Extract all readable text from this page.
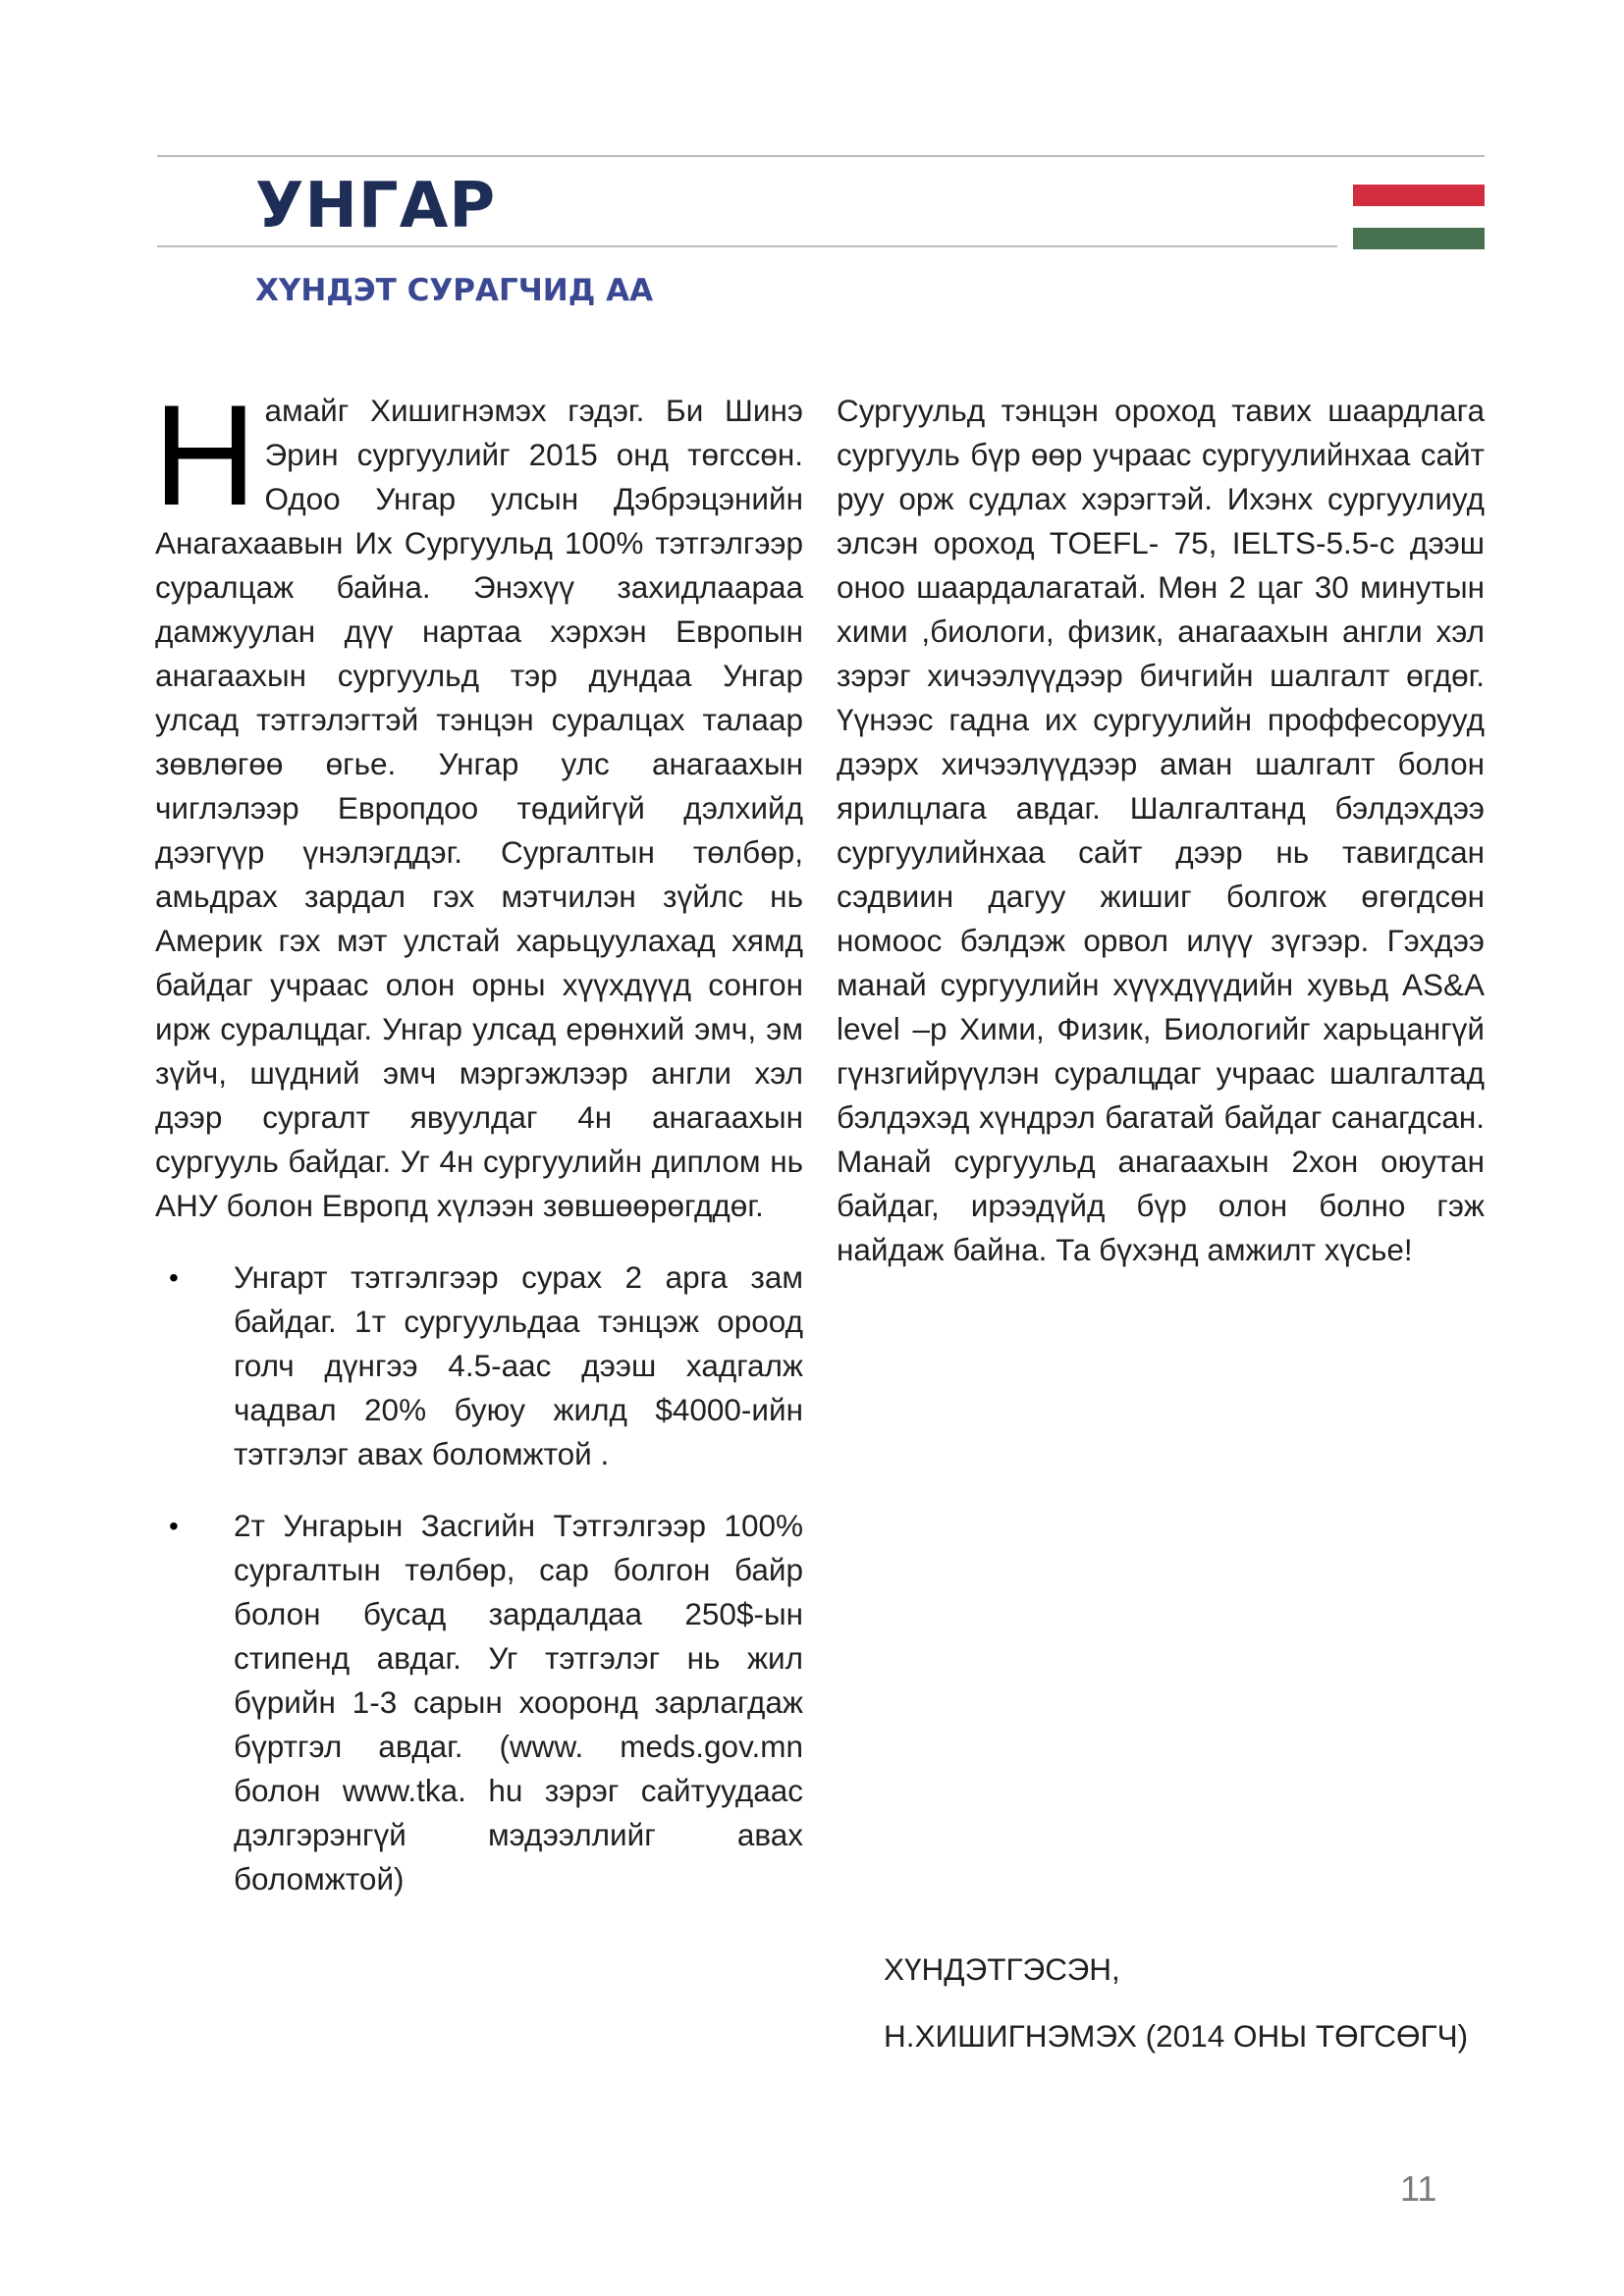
УНГАР
ХҮНДЭТ СУРАГЧИД АА

Намайг Хишигнэмэх гэдэг. Би Шинэ Эрин сургуулийг 2015 онд төгссөн. Одоо Унгар улсын Дэбрэцэнийн Анагахаавын Их Сургуульд 100% тэтгэлгээр суралцаж байна. Энэхүү захидлаараа дамжуулан дүү нартаа хэрхэн Европын анагаахын сургуульд тэр дундаа Унгар улсад тэтгэлэгтэй тэнцэн суралцах талаар зөвлөгөө өгье. Унгар улс анагаахын чиглэлээр Европдоо төдийгүй дэлхийд дээгүүр үнэлэгддэг. Сургалтын төлбөр, амьдрах зардал гэх мэтчилэн зүйлс нь Америк гэх мэт улстай харьцуулахад хямд байдаг учраас олон орны хүүхдүүд сонгон ирж суралцдаг. Унгар улсад ерөнхий эмч, эм зүйч, шүдний эмч мэргэжлээр англи хэл дээр сургалт явуулдаг 4н анагаахын сургууль байдаг. Уг 4н сургуулийн диплом нь АНУ болон Европд хүлээн зөвшөөрөгддөг.

• Унгарт тэтгэлгээр сурах 2 арга зам байдаг. 1т сургуульдаа тэнцэж ороод голч дүнгээ 4.5-аас дээш хадгалж чадвал 20% буюу жилд $4000-ийн тэтгэлэг авах боломжтой .
• 2т Унгарын Засгийн Тэтгэлгээр 100% сургалтын төлбөр, сар болгон байр болон бусад зардалдаа 250$-ын стипенд авдаг. Уг тэтгэлэг нь жил бүрийн 1-3 сарын хооронд зарлагдаж бүртгэл авдаг. (www. meds.gov.mn болон www.tka. hu зэрэг сайтуудаас дэлгэрэнгүй мэдээллийг авах боломжтой)

Сургуульд тэнцэн ороход тавих шаардлага сургууль бүр өөр учраас сургуулийнхаа сайт руу орж судлах хэрэгтэй. Ихэнх сургуулиуд элсэн ороход TOEFL- 75, IELTS-5.5-с дээш оноо шаардалагатай. Мөн 2 цаг 30 минутын хими ,биологи, физик, анагаахын англи хэл зэрэг хичээлүүдээр бичгийн шалгалт өгдөг. Үүнээс гадна их сургуулийн проффесорууд дээрх хичээлүүдээр аман шалгалт болон ярилцлага авдаг. Шалгалтанд бэлдэхдээ сургуулийнхаа сайт дээр нь тавигдсан сэдвиин дагуу жишиг болгож өгөгдсөн номоос бэлдэж орвол илүү зүгээр. Гэхдээ манай сургуулийн хүүхдүүдийн хувьд AS&A level –р Хими, Физик, Биологийг харьцангүй гүнзгийрүүлэн суралцдаг учраас шалгалтад бэлдэхэд хүндрэл багатай байдаг санагдсан. Манай сургуульд анагаахын 2хон оюутан байдаг, ирээдүйд бүр олон болно гэж найдаж байна. Та бүхэнд амжилт хүсье!

ХҮНДЭТГЭСЭН,

Н.ХИШИГНЭМЭХ (2014 ОНЫ ТӨГСӨГЧ)

11
